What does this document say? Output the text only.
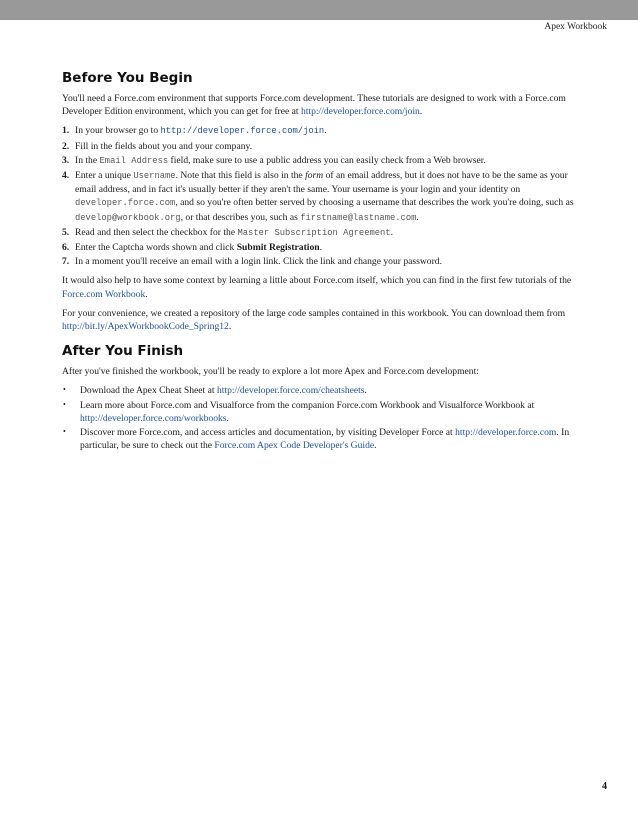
Apex Workbook
Before You Begin

You'll need a Force.com environment that supports Force.com development. These tutorials are designed to work with a Force.com Developer Edition environment, which you can get for free at http://developer.force.com/join.

1. In your browser go to http://developer.force.com/join.
2. Fill in the fields about you and your company.
3. In the Email Address field, make sure to use a public address you can easily check from a Web browser.
4. Enter a unique Username. Note that this field is also in the form of an email address, but it does not have to be the same as your email address, and in fact it's usually better if they aren't the same. Your username is your login and your identity on developer.force.com, and so you're often better served by choosing a username that describes the work you're doing, such as develop@workbook.org, or that describes you, such as firstname@lastname.com.
5. Read and then select the checkbox for the Master Subscription Agreement.
6. Enter the Captcha words shown and click Submit Registration.
7. In a moment you'll receive an email with a login link. Click the link and change your password.

It would also help to have some context by learning a little about Force.com itself, which you can find in the first few tutorials of the Force.com Workbook.

For your convenience, we created a repository of the large code samples contained in this workbook. You can download them from http://bit.ly/ApexWorkbookCode_Spring12.

After You Finish

After you've finished the workbook, you'll be ready to explore a lot more Apex and Force.com development:

• Download the Apex Cheat Sheet at http://developer.force.com/cheatsheets.
• Learn more about Force.com and Visualforce from the companion Force.com Workbook and Visualforce Workbook at http://developer.force.com/workbooks.
• Discover more Force.com, and access articles and documentation, by visiting Developer Force at http://developer.force.com. In particular, be sure to check out the Force.com Apex Code Developer's Guide.
4
